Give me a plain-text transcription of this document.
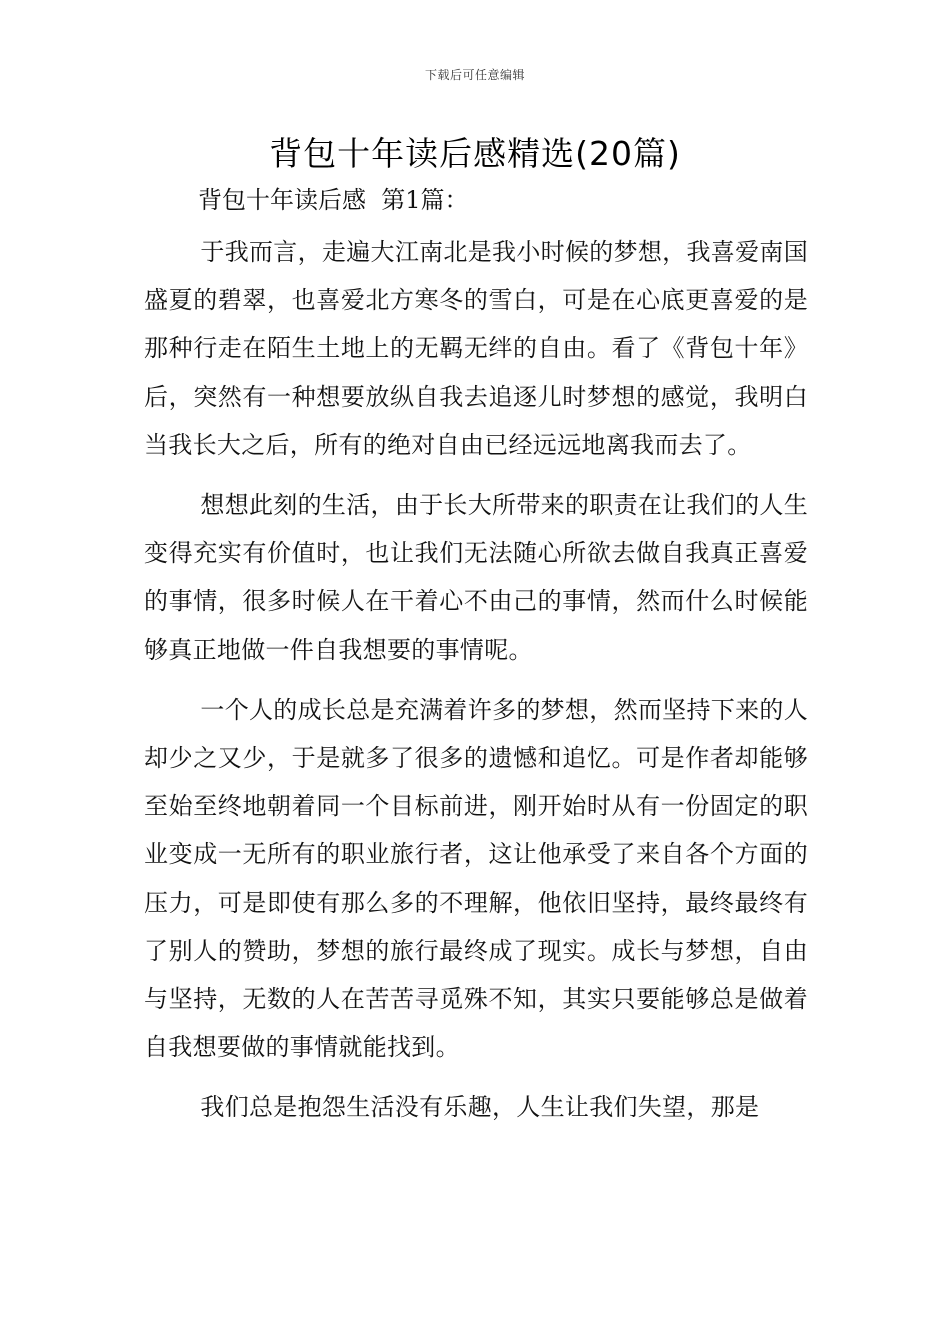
下载后可任意编辑
背包十年读后感精选(20篇)
背包十年读后感  第1篇：

于我而言，走遍大江南北是我小时候的梦想，我喜爱南国盛夏的碧翠，也喜爱北方寒冬的雪白，可是在心底更喜爱的是那种行走在陌生土地上的无羁无绊的自由。看了《背包十年》后，突然有一种想要放纵自我去追逐儿时梦想的感觉，我明白当我长大之后，所有的绝对自由已经远远地离我而去了。

想想此刻的生活，由于长大所带来的职责在让我们的人生变得充实有价值时，也让我们无法随心所欲去做自我真正喜爱的事情，很多时候人在干着心不由己的事情，然而什么时候能够真正地做一件自我想要的事情呢。

一个人的成长总是充满着许多的梦想，然而坚持下来的人却少之又少，于是就多了很多的遗憾和追忆。可是作者却能够至始至终地朝着同一个目标前进，刚开始时从有一份固定的职业变成一无所有的职业旅行者，这让他承受了来自各个方面的压力，可是即使有那么多的不理解，他依旧坚持，最终最终有了别人的赞助，梦想的旅行最终成了现实。成长与梦想，自由与坚持，无数的人在苦苦寻觅殊不知，其实只要能够总是做着自我想要做的事情就能找到。

我们总是抱怨生活没有乐趣，人生让我们失望，那是
